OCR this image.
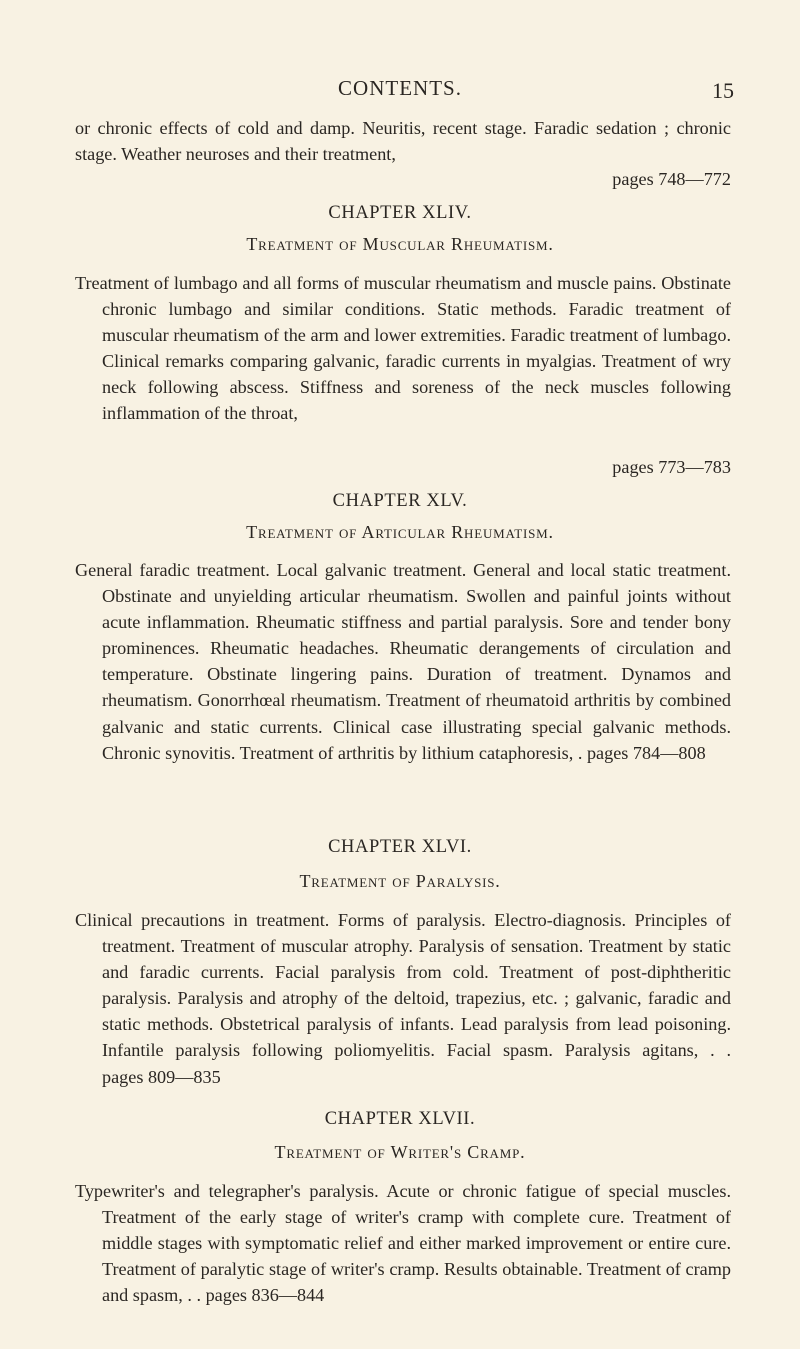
CONTENTS.	15

or chronic effects of cold and damp. Neuritis, recent stage. Faradic sedation ; chronic stage. Weather neuroses and their treatment,

pages 748—772
CHAPTER XLIV.
Treatment of Muscular Rheumatism.

Treatment of lumbago and all forms of muscular rheumatism and muscle pains. Obstinate chronic lumbago and similar conditions. Static methods. Faradic treatment of muscular rheumatism of the arm and lower extremities. Faradic treatment of lumbago. Clinical remarks comparing galvanic, faradic currents in myalgias. Treatment of wry neck following abscess. Stiffness and soreness of the neck muscles following inflammation of the throat,

pages 773—783
CHAPTER XLV.
Treatment of Articular Rheumatism.

General faradic treatment. Local galvanic treatment. General and local static treatment. Obstinate and unyielding articular rheumatism. Swollen and painful joints without acute inflammation. Rheumatic stiffness and partial paralysis. Sore and tender bony prominences. Rheumatic headaches. Rheumatic derangements of circulation and temperature. Obstinate lingering pains. Duration of treatment. Dynamos and rheumatism. Gonorrhœal rheumatism. Treatment of rheumatoid arthritis by combined galvanic and static currents. Clinical case illustrating special galvanic methods. Chronic synovitis. Treatment of arthritis by lithium cataphoresis, . pages 784—808

CHAPTER XLVI.
Treatment of Paralysis.

Clinical precautions in treatment. Forms of paralysis. Electro-diagnosis. Principles of treatment. Treatment of muscular atrophy. Paralysis of sensation. Treatment by static and faradic currents. Facial paralysis from cold. Treatment of post-diphtheritic paralysis. Paralysis and atrophy of the deltoid, trapezius, etc. ; galvanic, faradic and static methods. Obstetrical paralysis of infants. Lead paralysis from lead poisoning. Infantile paralysis following poliomyelitis. Facial spasm. Paralysis agitans, . . pages 809—835

CHAPTER XLVII.
Treatment of Writer's Cramp.

Typewriter's and telegrapher's paralysis. Acute or chronic fatigue of special muscles. Treatment of the early stage of writer's cramp with complete cure. Treatment of middle stages with symptomatic relief and either marked improvement or entire cure. Treatment of paralytic stage of writer's cramp. Results obtainable. Treatment of cramp and spasm, . . pages 836—844
